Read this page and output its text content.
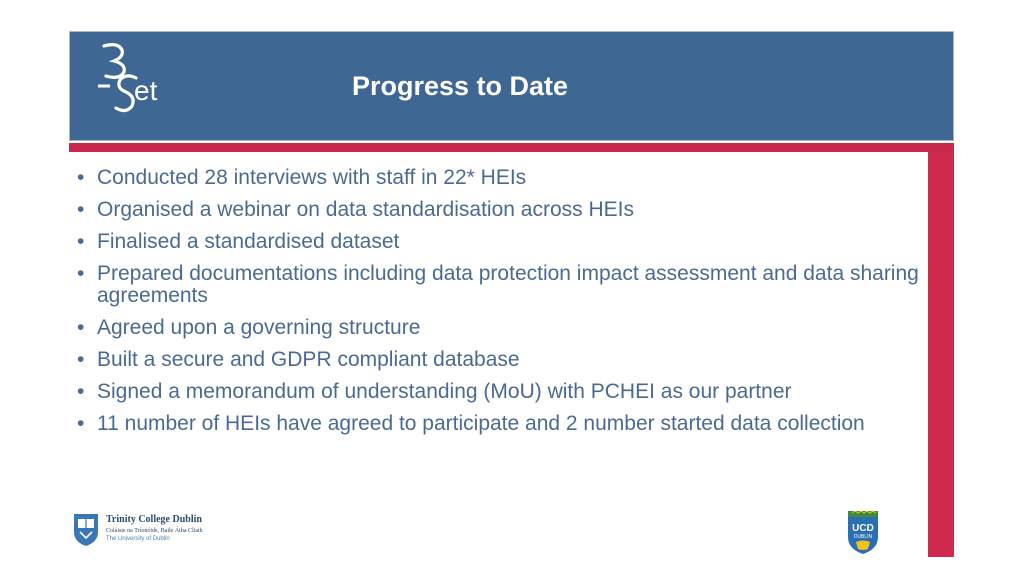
et	Progress to Date
• Conducted 28 interviews with staff in 22* HEIs
• Organised a webinar on data standardisation across HEIs
• Finalised a standardised dataset
• Prepared documentations including data protection impact assessment and data sharing agreements
• Agreed upon a governing structure
• Built a secure and GDPR compliant database
• Signed a memorandum of understanding (MoU) with PCHEI as our partner
• 11 number of HEIs have agreed to participate and 2 number started data collection
Trinity College Dublin
Coláiste na Tríonóide, Baile Átha Cliath
The University of Dublin
UCD
DUBLIN
